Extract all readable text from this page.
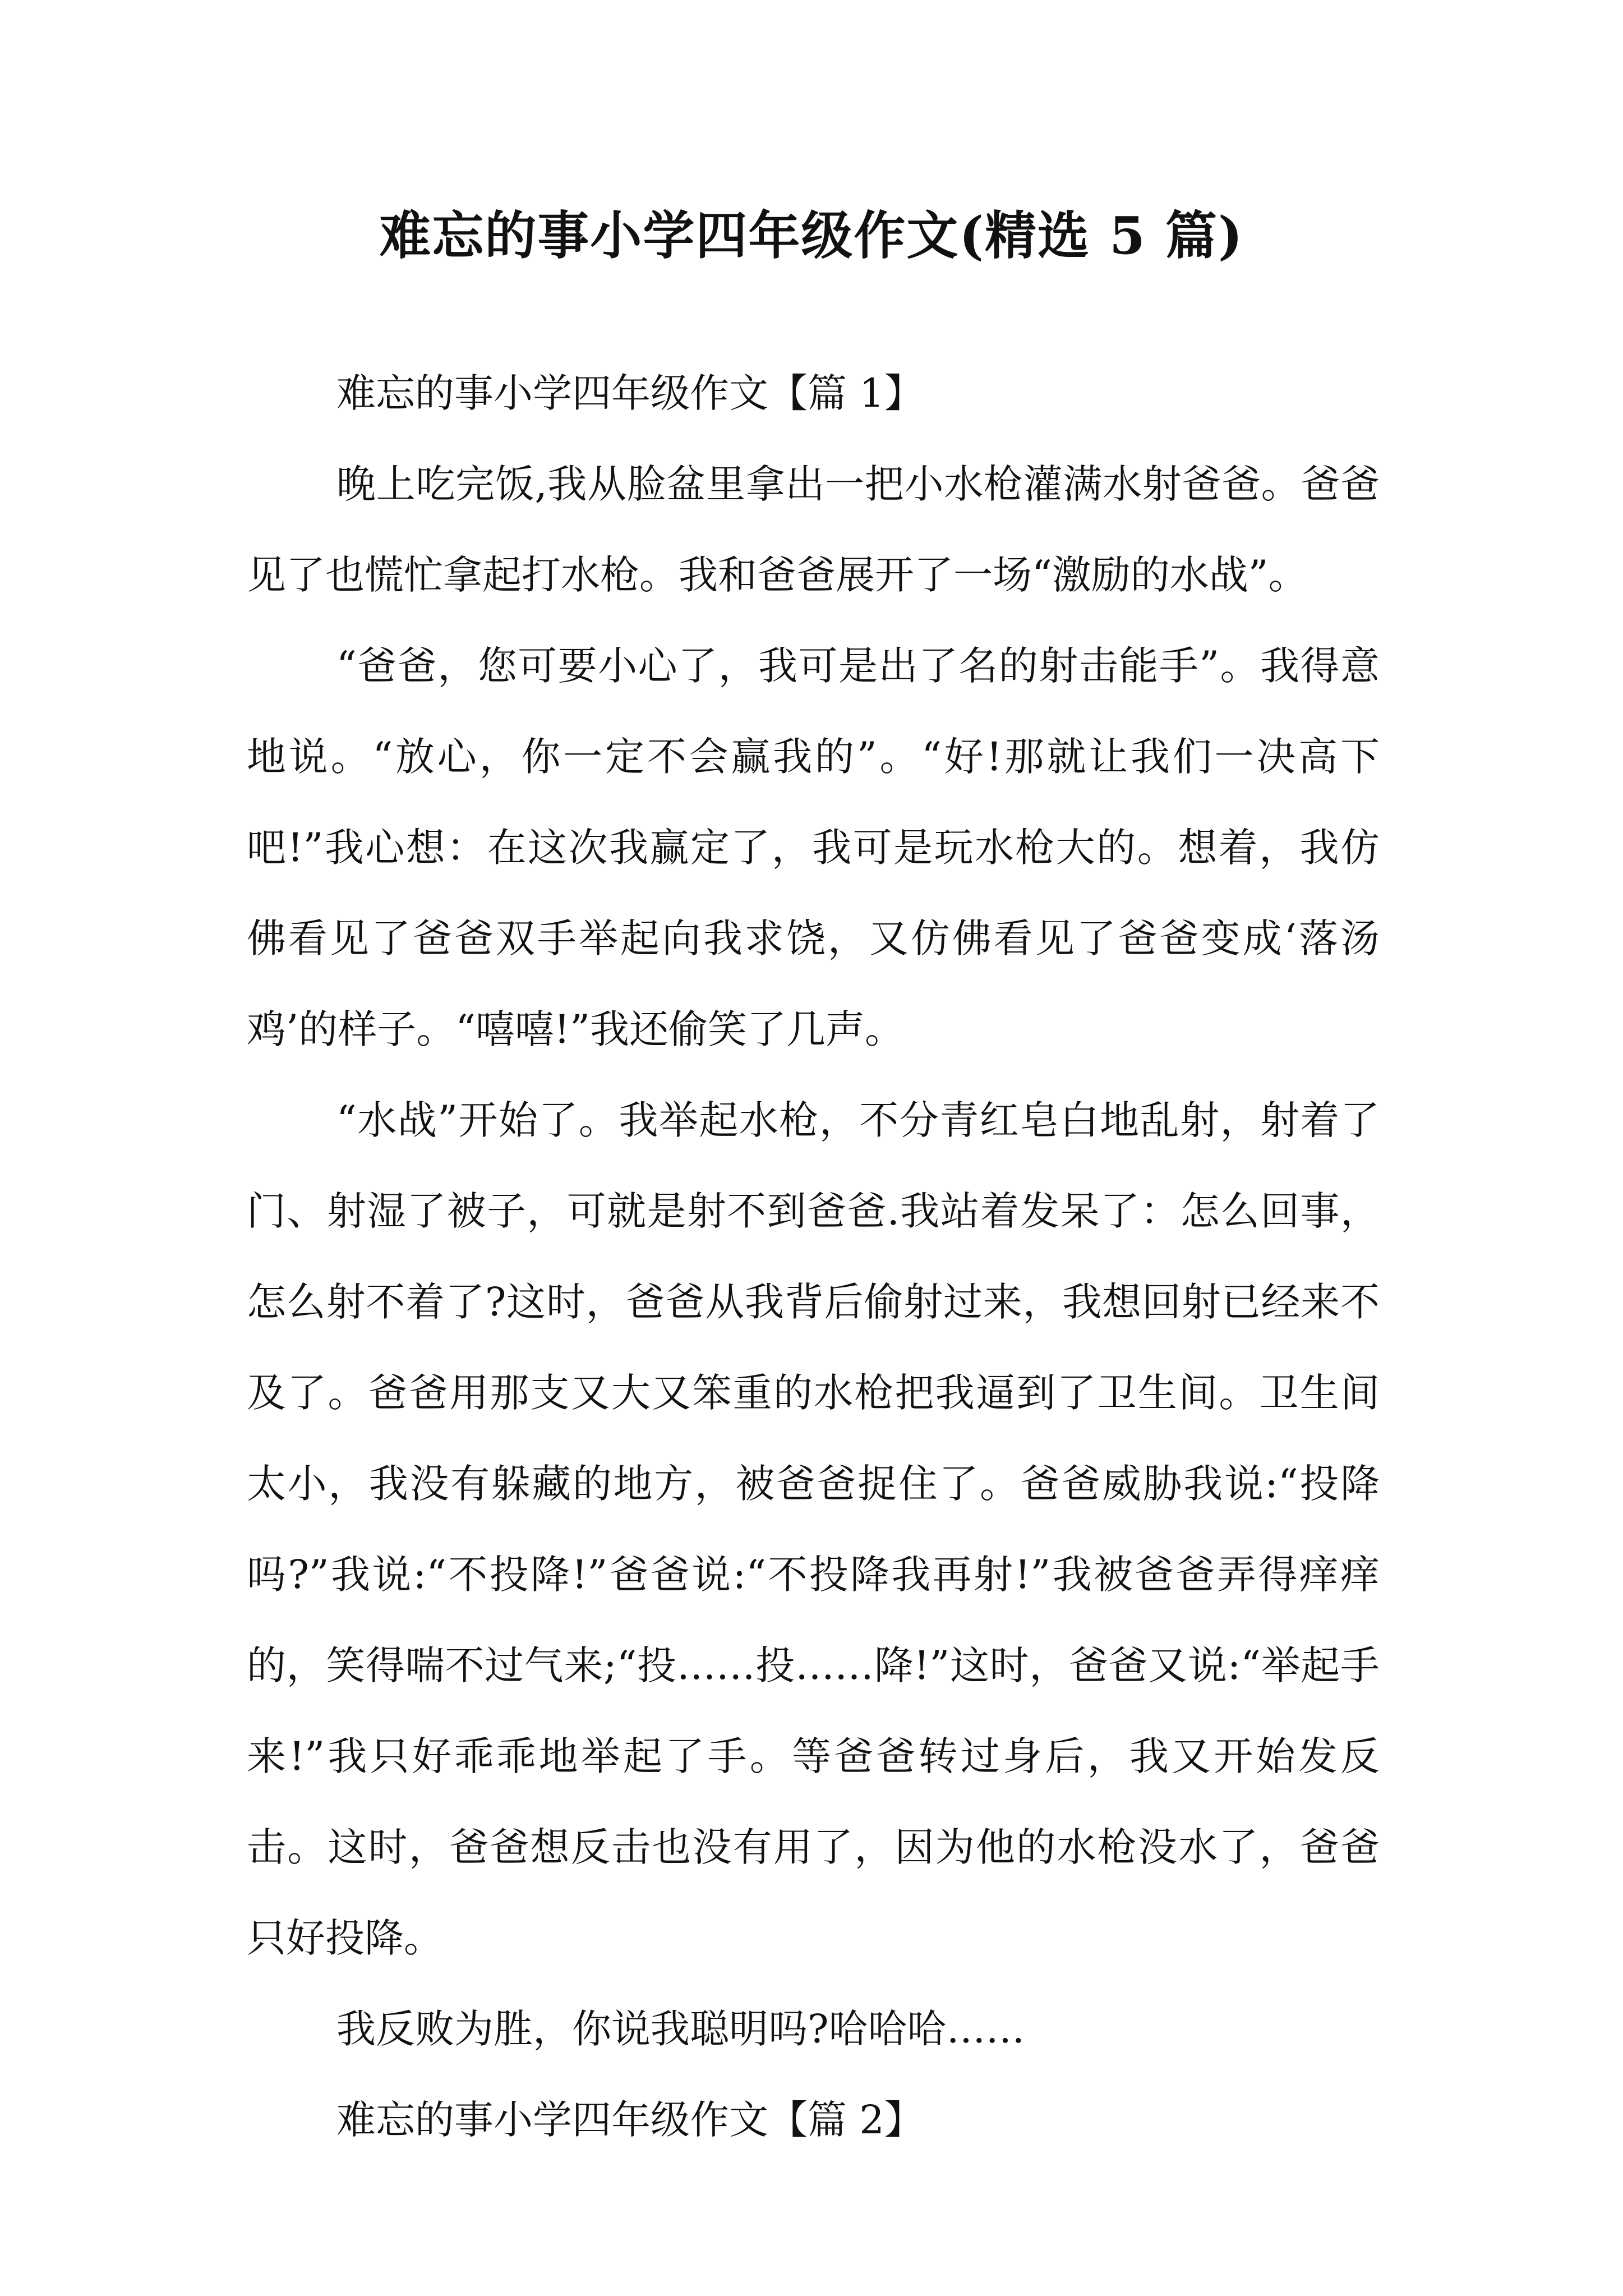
难忘的事小学四年级作文(精选 5 篇)

难忘的事小学四年级作文【篇 1】

晚上吃完饭,我从脸盆里拿出一把小水枪灌满水射爸爸。爸爸见了也慌忙拿起打水枪。我和爸爸展开了一场“激励的水战”。

“爸爸，您可要小心了，我可是出了名的射击能手”。我得意地说。“放心，你一定不会赢我的”。“好!那就让我们一决高下吧!”我心想：在这次我赢定了，我可是玩水枪大的。想着，我仿佛看见了爸爸双手举起向我求饶，又仿佛看见了爸爸变成‘落汤鸡’的样子。“嘻嘻!”我还偷笑了几声。

“水战”开始了。我举起水枪，不分青红皂白地乱射，射着了门、射湿了被子，可就是射不到爸爸.我站着发呆了：怎么回事，怎么射不着了?这时，爸爸从我背后偷射过来，我想回射已经来不及了。爸爸用那支又大又笨重的水枪把我逼到了卫生间。卫生间太小，我没有躲藏的地方，被爸爸捉住了。爸爸威胁我说:“投降吗?”我说:“不投降!”爸爸说:“不投降我再射!”我被爸爸弄得痒痒的，笑得喘不过气来;“投……投……降!”这时，爸爸又说:“举起手来!”我只好乖乖地举起了手。等爸爸转过身后，我又开始发反击。这时，爸爸想反击也没有用了，因为他的水枪没水了，爸爸只好投降。

我反败为胜，你说我聪明吗?哈哈哈……

难忘的事小学四年级作文【篇 2】
